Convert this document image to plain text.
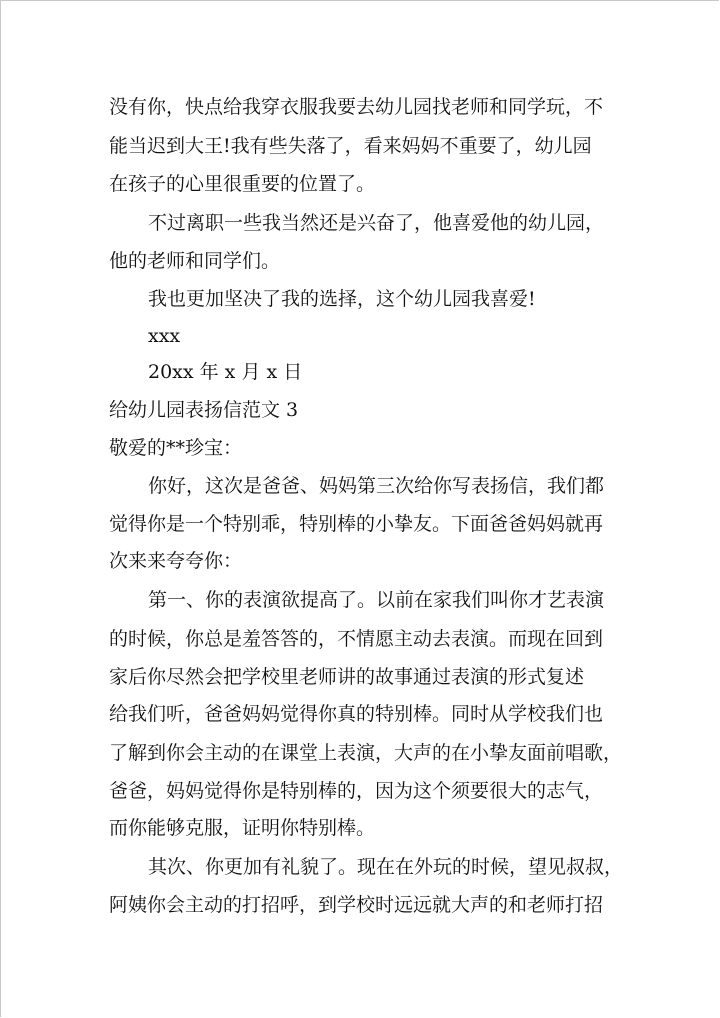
没有你，快点给我穿衣服我要去幼儿园找老师和同学玩，不

能当迟到大王!我有些失落了，看来妈妈不重要了，幼儿园

在孩子的心里很重要的位置了。

不过离职一些我当然还是兴奋了，他喜爱他的幼儿园，

他的老师和同学们。

我也更加坚决了我的选择，这个幼儿园我喜爱!

xxx

20xx 年 x 月 x 日

给幼儿园表扬信范文 3

敬爱的**珍宝：

你好，这次是爸爸、妈妈第三次给你写表扬信，我们都

觉得你是一个特别乖，特别棒的小挚友。下面爸爸妈妈就再

次来来夸夸你：

第一、你的表演欲提高了。以前在家我们叫你才艺表演

的时候，你总是羞答答的，不情愿主动去表演。而现在回到

家后你尽然会把学校里老师讲的故事通过表演的形式复述

给我们听，爸爸妈妈觉得你真的特别棒。同时从学校我们也

了解到你会主动的在课堂上表演，大声的在小挚友面前唱歌，

爸爸，妈妈觉得你是特别棒的，因为这个须要很大的志气，

而你能够克服，证明你特别棒。

其次、你更加有礼貌了。现在在外玩的时候，望见叔叔，

阿姨你会主动的打招呼，到学校时远远就大声的和老师打招
